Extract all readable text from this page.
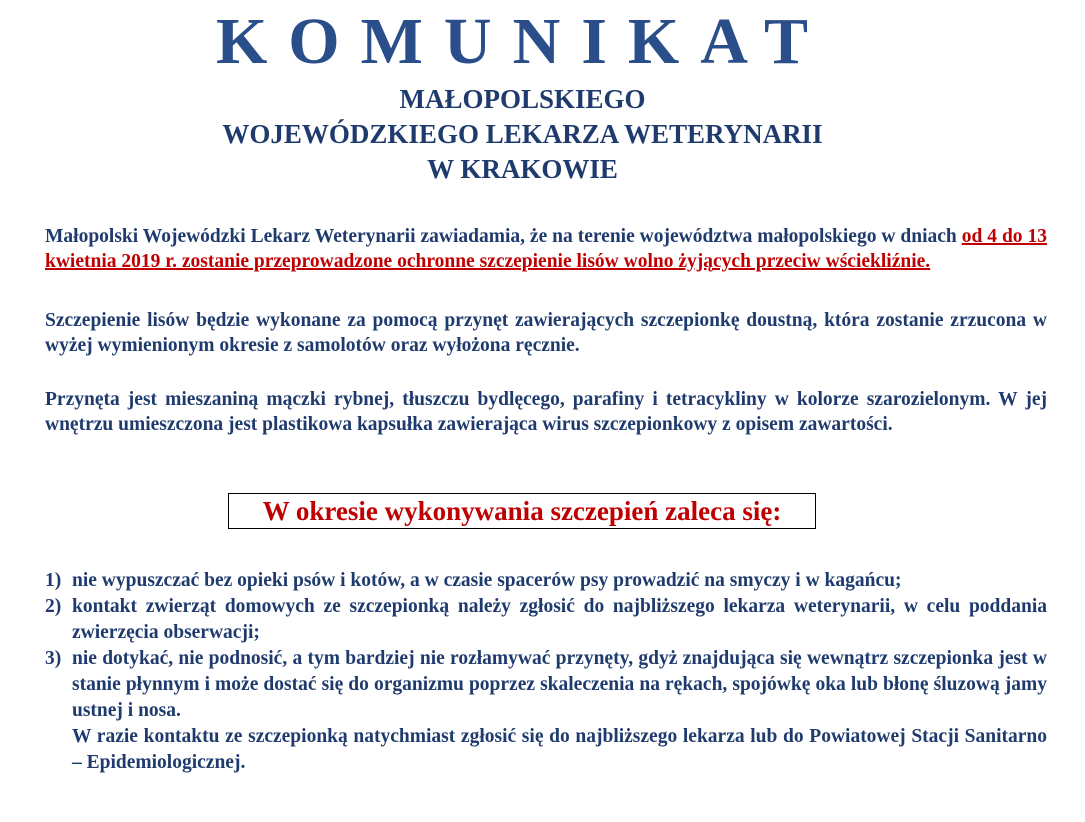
KOMUNIKAT
MAŁOPOLSKIEGO
WOJEWÓDZKIEGO LEKARZA WETERYNARII
W KRAKOWIE

Małopolski Wojewódzki Lekarz Weterynarii zawiadamia, że na terenie województwa małopolskiego w dniach od 4 do 13 kwietnia 2019 r. zostanie przeprowadzone ochronne szczepienie lisów wolno żyjących przeciw wściekliźnie.

Szczepienie lisów będzie wykonane za pomocą przynęt zawierających szczepionkę doustną, która zostanie zrzucona w wyżej wymienionym okresie z samolotów oraz wyłożona ręcznie.

Przynęta jest mieszaniną mączki rybnej, tłuszczu bydlęcego, parafiny i tetracykliny w kolorze szarozielonym. W jej wnętrzu umieszczona jest plastikowa kapsułka zawierająca wirus szczepionkowy z opisem zawartości.

W okresie wykonywania szczepień zaleca się:
1) nie wypuszczać bez opieki psów i kotów, a w czasie spacerów psy prowadzić na smyczy i w kagańcu;
2) kontakt zwierząt domowych ze szczepionką należy zgłosić do najbliższego lekarza weterynarii, w celu poddania zwierzęcia obserwacji;
3) nie dotykać, nie podnosić, a tym bardziej nie rozłamywać przynęty, gdyż znajdująca się wewnątrz szczepionka jest w stanie płynnym i może dostać się do organizmu poprzez skaleczenia na rękach, spojówkę oka lub błonę śluzową jamy ustnej i nosa.
W razie kontaktu ze szczepionką natychmiast zgłosić się do najbliższego lekarza lub do Powiatowej Stacji Sanitarno – Epidemiologicznej.
